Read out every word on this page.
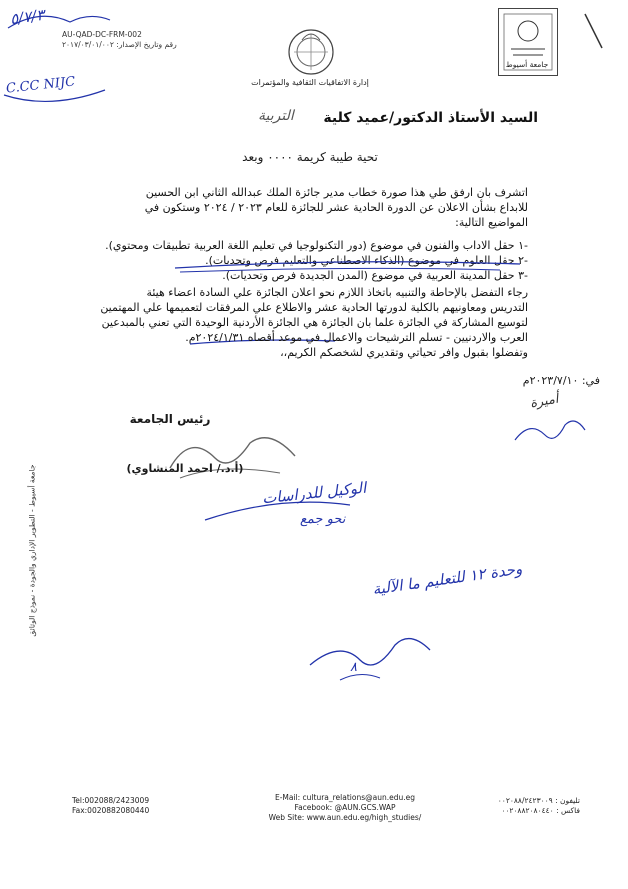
AU-QAD-DC-FRM-002
رقم وتاريخ الإصدار: ٢٠١٧/٠٣/٠١/٠٠٢
٥/٧/٣
C.CC NIJC	إدارة الاتفاقيات الثقافية والمؤتمرات
جامعة أسيوط
السيد الأستاذ الدكتور/عميد كلية
التربية
تحية طيبة كريمة ٠٠٠٠ وبعد
اتشرف بان ارفق طي هذا صورة خطاب مدير جائزة الملك عبدالله الثاني ابن الحسين
للابداع بشأن الاعلان عن الدورة الحادية عشر للجائزة للعام ٢٠٢٣ / ٢٠٢٤ وستكون في
المواضيع التالية:
-١ حقل الاداب والفنون في موضوع (دور التكنولوجيا في تعليم اللغة العربية تطبيقات ومحتوي).
-٢ حقل العلوم في موضوع (الذكاء الاصطناعي والتعليم فرص وتحديات).
-٣ حقل المدينة العربية في موضوع (المدن الجديدة فرص وتحديات).
رجاء التفضل بالإحاطة والتنبيه باتخاذ اللازم نحو اعلان الجائزة علي السادة اعضاء هيئة
التدريس ومعاونيهم بالكلية لدورتها الحادية عشر والاطلاع علي المرفقات لتعميمها علي المهتمين
لتوسيع المشاركة في الجائزة علما بان الجائزة هي الجائزة الأردنية الوحيدة التي تعني بالمبدعين
العرب والاردنيين - تسلم الترشيحات والاعمال في موعد أقصاه ٢٠٢٤/١/٣١م.
وتفضلوا بقبول وافر تحياتي وتقديري لشخصكم الكريم،،
في: ٢٠٢٣/٧/١٠م
أميرة
رئيس الجامعة
(أ.د./ احمد المنشاوي)
الوكيل للدراسات
نحو جمع
وحدة ١٢ للتعليم ما الآلية
٨
جامعة أسيوط - التطوير الإداري والجودة - نموذج الوثائق
Tel:002088/2423009
Fax:0020882080440
E-Mail: cultura_relations@aun.edu.eg
Facebook: @AUN.GCS.WAP
Web Site: www.aun.edu.eg/high_studies/
تليفون : ٠٠٢٠٨٨/٢٤٢٣٠٠٩
فاكس : ٠٠٢٠٨٨٢٠٨٠٤٤٠
